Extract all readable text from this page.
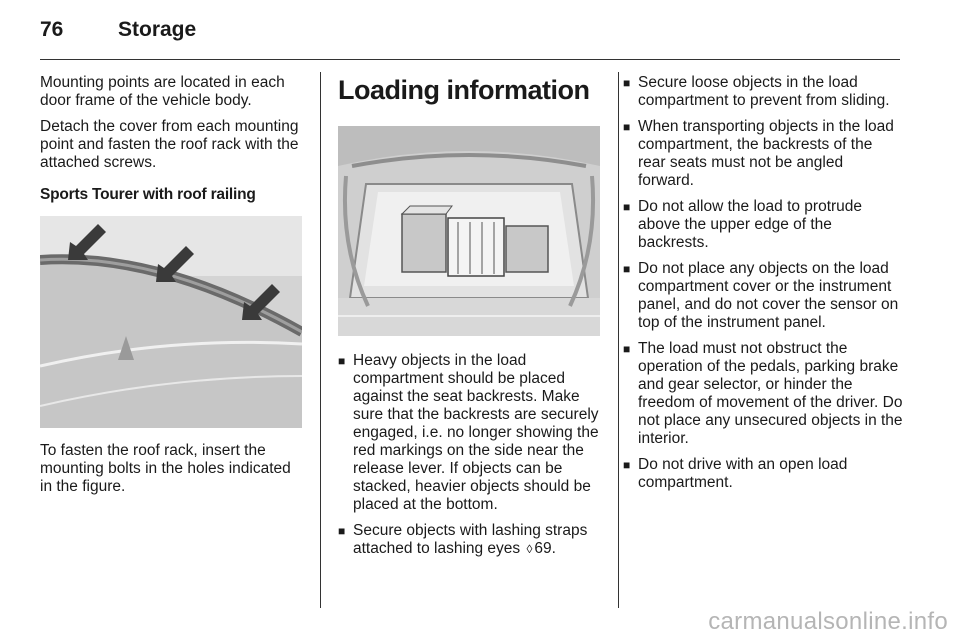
76	Storage

Mounting points are located in each door frame of the vehicle body.

Detach the cover from each mounting point and fasten the roof rack with the attached screws.

Sports Tourer with roof railing

To fasten the roof rack, insert the mounting bolts in the holes indicated in the figure.

Loading information
■ Heavy objects in the load compartment should be placed against the seat backrests. Make sure that the backrests are securely engaged, i.e. no longer showing the red markings on the side near the release lever. If objects can be stacked, heavier objects should be placed at the bottom.
■ Secure objects with lashing straps attached to lashing eyes ◊ 69.
■ Secure loose objects in the load compartment to prevent from sliding.
■ When transporting objects in the load compartment, the backrests of the rear seats must not be angled forward.
■ Do not allow the load to protrude above the upper edge of the backrests.
■ Do not place any objects on the load compartment cover or the instrument panel, and do not cover the sensor on top of the instrument panel.
■ The load must not obstruct the operation of the pedals, parking brake and gear selector, or hinder the freedom of movement of the driver. Do not place any unsecured objects in the interior.
■ Do not drive with an open load compartment.
carmanualsonline.info
